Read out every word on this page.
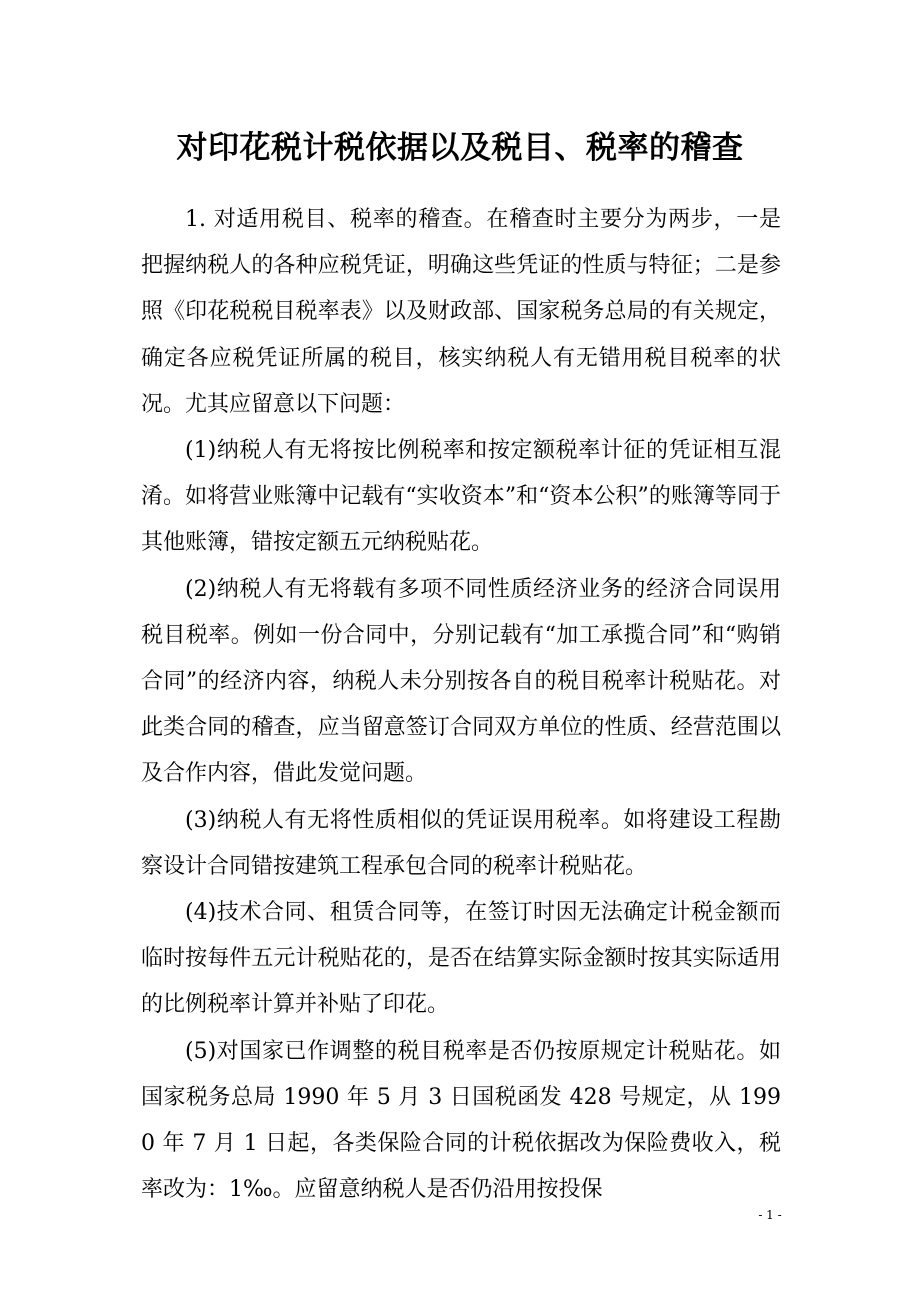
对印花税计税依据以及税目、税率的稽查

1. 对适用税目、税率的稽查。在稽查时主要分为两步，一是把握纳税人的各种应税凭证，明确这些凭证的性质与特征；二是参照《印花税税目税率表》以及财政部、国家税务总局的有关规定，确定各应税凭证所属的税目，核实纳税人有无错用税目税率的状况。尤其应留意以下问题：

(1)纳税人有无将按比例税率和按定额税率计征的凭证相互混淆。如将营业账簿中记载有“实收资本”和“资本公积”的账簿等同于其他账簿，错按定额五元纳税贴花。

(2)纳税人有无将载有多项不同性质经济业务的经济合同误用税目税率。例如一份合同中，分别记载有“加工承揽合同”和“购销合同”的经济内容，纳税人未分别按各自的税目税率计税贴花。对此类合同的稽查，应当留意签订合同双方单位的性质、经营范围以及合作内容，借此发觉问题。

(3)纳税人有无将性质相似的凭证误用税率。如将建设工程勘察设计合同错按建筑工程承包合同的税率计税贴花。

(4)技术合同、租赁合同等，在签订时因无法确定计税金额而临时按每件五元计税贴花的，是否在结算实际金额时按其实际适用的比例税率计算并补贴了印花。

(5)对国家已作调整的税目税率是否仍按原规定计税贴花。如国家税务总局 1990 年 5 月 3 日国税函发 428 号规定，从 1990 年 7 月 1 日起，各类保险合同的计税依据改为保险费收入，税率改为：1‰。应留意纳税人是否仍沿用按投保

- 1 -
